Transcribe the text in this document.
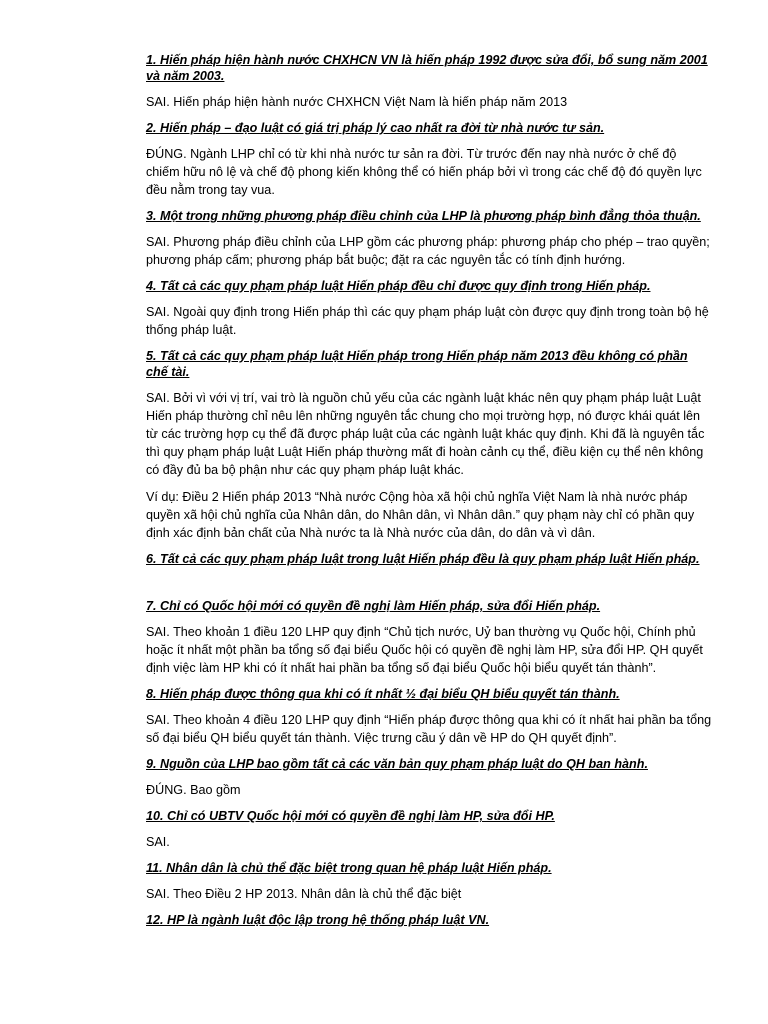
1. Hiến pháp hiện hành nước CHXHCN VN là hiến pháp 1992 được sửa đổi, bổ sung năm 2001 và năm 2003.

SAI. Hiến pháp hiện hành nước CHXHCN Việt Nam là hiến pháp năm 2013

2. Hiến pháp – đạo luật có giá trị pháp lý cao nhất ra đời từ nhà nước tư sản.

ĐÚNG. Ngành LHP chỉ có từ khi nhà nước tư sản ra đời. Từ trước đến nay nhà nước ở chế độ chiếm hữu nô lệ và chế độ phong kiến không thể có hiến pháp bởi vì trong các chế độ đó quyền lực đều nằm trong tay vua.

3. Một trong những phương pháp điều chỉnh của LHP là phương pháp bình đẳng thỏa thuận.

SAI. Phương pháp điều chỉnh của LHP gồm các phương pháp: phương pháp cho phép – trao quyền; phương pháp cấm; phương pháp bắt buộc; đặt ra các nguyên tắc có tính định hướng.

4. Tất cả các quy phạm pháp luật Hiến pháp đều chỉ được quy định trong Hiến pháp.

SAI. Ngoài quy định trong Hiến pháp thì các quy phạm pháp luật còn được quy định trong toàn bộ hệ thống pháp luật.

5. Tất cả các quy phạm pháp luật Hiến pháp trong Hiến pháp năm 2013 đều không có phần chế tài.

SAI. Bởi vì với vị trí, vai trò là nguồn chủ yếu của các ngành luật khác nên quy phạm pháp luật Luật Hiến pháp thường chỉ nêu lên những nguyên tắc chung cho mọi trường hợp, nó được khái quát lên từ các trường hợp cụ thể đã được pháp luật của các ngành luật khác quy định. Khi đã là nguyên tắc thì quy phạm pháp luật Luật Hiến pháp thường mất đi hoàn cảnh cụ thể, điều kiện cụ thể nên không có đầy đủ ba bộ phận như các quy phạm pháp luật khác.

Ví dụ: Điều 2 Hiến pháp 2013 “Nhà nước Cộng hòa xã hội chủ nghĩa Việt Nam là nhà nước pháp quyền xã hội chủ nghĩa của Nhân dân, do Nhân dân, vì Nhân dân.” quy phạm này chỉ có phần quy định xác định bản chất của Nhà nước ta là Nhà nước của dân, do dân và vì dân.

6. Tất cả các quy phạm pháp luật trong luật Hiến pháp đều là quy phạm pháp luật Hiến pháp.

7. Chỉ có Quốc hội mới có quyền đề nghị làm Hiến pháp, sửa đổi Hiến pháp.

SAI. Theo khoản 1 điều 120 LHP quy định “Chủ tịch nước, Uỷ ban thường vụ Quốc hội, Chính phủ hoặc ít nhất một phần ba tổng số đại biểu Quốc hội có quyền đề nghị làm HP, sửa đổi HP. QH quyết định việc làm HP khi có ít nhất hai phần ba tổng số đại biểu Quốc hội biểu quyết tán thành”.

8. Hiến pháp được thông qua khi có ít nhất ½ đại biểu QH biểu quyết tán thành.

SAI. Theo khoản 4 điều 120 LHP quy định “Hiến pháp được thông qua khi có ít nhất hai phần ba tổng số đại biểu QH biểu quyết tán thành. Việc trưng cầu ý dân về HP do QH quyết định”.

9. Nguồn của LHP bao gồm tất cả các văn bản quy phạm pháp luật do QH ban hành.

ĐÚNG. Bao gồm

10. Chỉ có UBTV Quốc hội mới có quyền đề nghị làm HP, sửa đổi HP.

SAI.

11. Nhân dân là chủ thể đặc biệt trong quan hệ pháp luật Hiến pháp.

SAI. Theo Điều 2 HP 2013. Nhân dân là chủ thể đặc biệt

12. HP là ngành luật độc lập trong hệ thống pháp luật VN.
